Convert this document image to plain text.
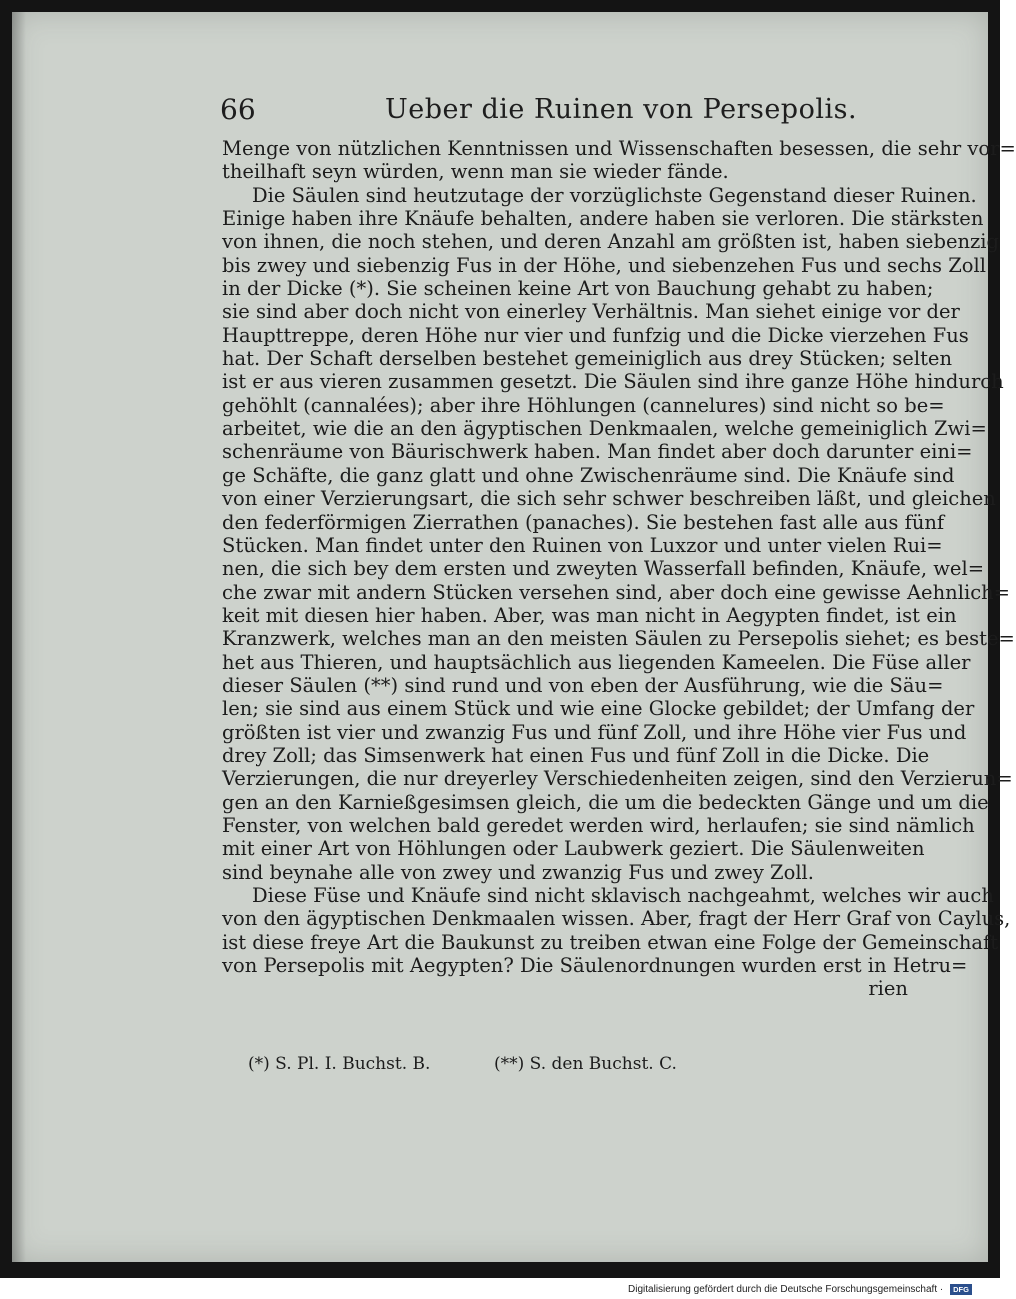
66	Ueber die Ruinen von Persepolis.
Menge von nützlichen Kenntnissen und Wissenschaften besessen, die sehr vor=
theilhaft seyn würden, wenn man sie wieder fände.
Die Säulen sind heutzutage der vorzüglichste Gegenstand dieser Ruinen.
Einige haben ihre Knäufe behalten, andere haben sie verloren. Die stärksten
von ihnen, die noch stehen, und deren Anzahl am größten ist, haben siebenzig
bis zwey und siebenzig Fus in der Höhe, und siebenzehen Fus und sechs Zoll
in der Dicke (*). Sie scheinen keine Art von Bauchung gehabt zu haben;
sie sind aber doch nicht von einerley Verhältnis. Man siehet einige vor der
Haupttreppe, deren Höhe nur vier und funfzig und die Dicke vierzehen Fus
hat. Der Schaft derselben bestehet gemeiniglich aus drey Stücken; selten
ist er aus vieren zusammen gesetzt. Die Säulen sind ihre ganze Höhe hindurch
gehöhlt (cannalées); aber ihre Höhlungen (cannelures) sind nicht so be=
arbeitet, wie die an den ägyptischen Denkmaalen, welche gemeiniglich Zwi=
schenräume von Bäurischwerk haben. Man findet aber doch darunter eini=
ge Schäfte, die ganz glatt und ohne Zwischenräume sind. Die Knäufe sind
von einer Verzierungsart, die sich sehr schwer beschreiben läßt, und gleichen
den federförmigen Zierrathen (panaches). Sie bestehen fast alle aus fünf
Stücken. Man findet unter den Ruinen von Luxzor und unter vielen Rui=
nen, die sich bey dem ersten und zweyten Wasserfall befinden, Knäufe, wel=
che zwar mit andern Stücken versehen sind, aber doch eine gewisse Aehnlich=
keit mit diesen hier haben. Aber, was man nicht in Aegypten findet, ist ein
Kranzwerk, welches man an den meisten Säulen zu Persepolis siehet; es beste=
het aus Thieren, und hauptsächlich aus liegenden Kameelen. Die Füse aller
dieser Säulen (**) sind rund und von eben der Ausführung, wie die Säu=
len; sie sind aus einem Stück und wie eine Glocke gebildet; der Umfang der
größten ist vier und zwanzig Fus und fünf Zoll, und ihre Höhe vier Fus und
drey Zoll; das Simsenwerk hat einen Fus und fünf Zoll in die Dicke. Die
Verzierungen, die nur dreyerley Verschiedenheiten zeigen, sind den Verzierun=
gen an den Karnießgesimsen gleich, die um die bedeckten Gänge und um die
Fenster, von welchen bald geredet werden wird, herlaufen; sie sind nämlich
mit einer Art von Höhlungen oder Laubwerk geziert. Die Säulenweiten
sind beynahe alle von zwey und zwanzig Fus und zwey Zoll.
Diese Füse und Knäufe sind nicht sklavisch nachgeahmt, welches wir auch
von den ägyptischen Denkmaalen wissen. Aber, fragt der Herr Graf von Caylus,
ist diese freye Art die Baukunst zu treiben etwan eine Folge der Gemeinschaft
von Persepolis mit Aegypten? Die Säulenordnungen wurden erst in Hetru=
rien
(*) S. Pl. I. Buchst. B.	(**) S. den Buchst. C.
Digitalisierung gefördert durch die Deutsche Forschungsgemeinschaft · DFG
